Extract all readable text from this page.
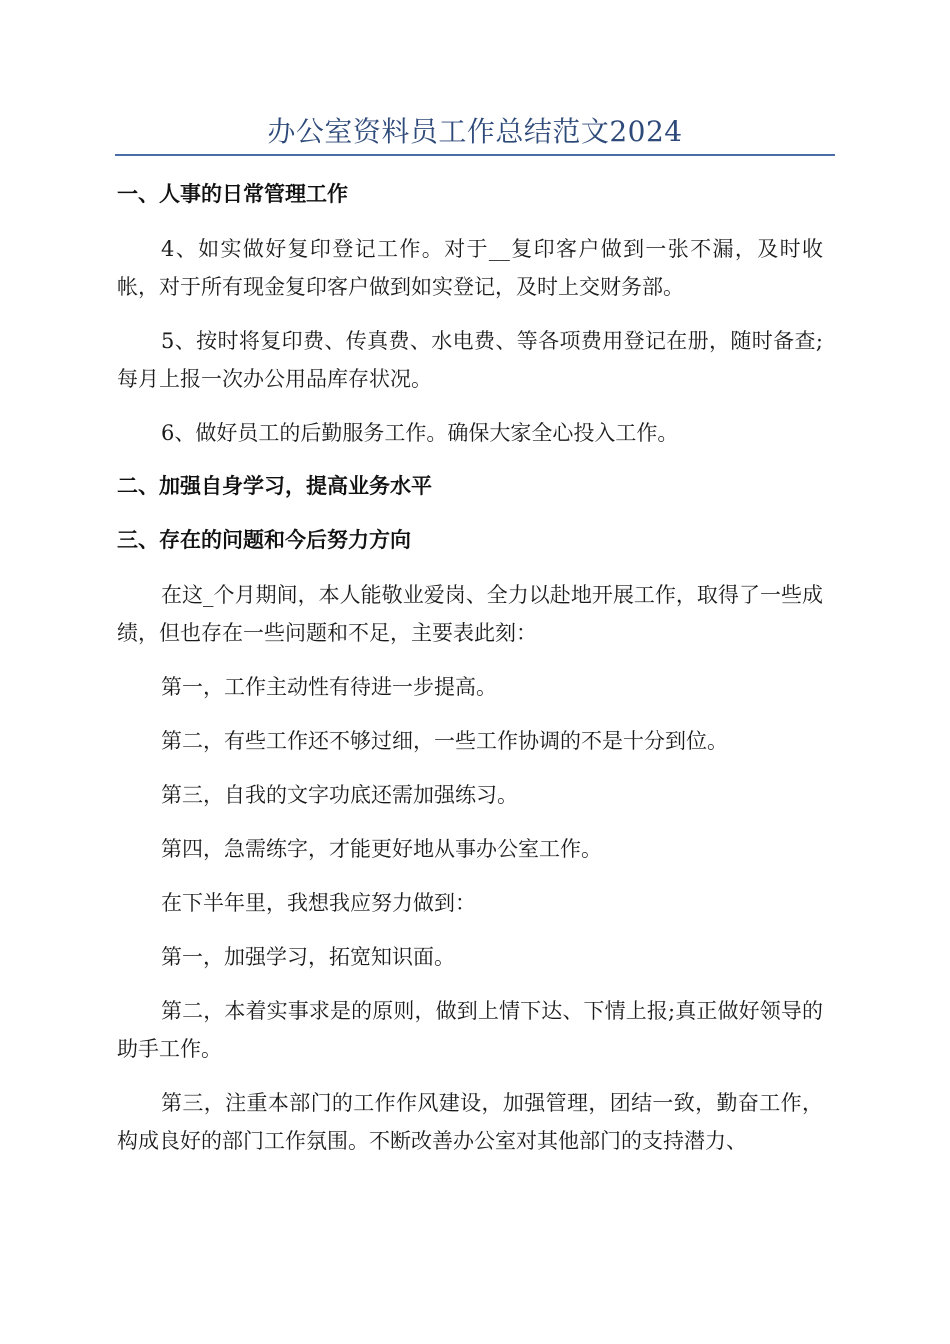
办公室资料员工作总结范文2024
一、人事的日常管理工作

4、如实做好复印登记工作。对于__复印客户做到一张不漏，及时收帐，对于所有现金复印客户做到如实登记，及时上交财务部。

5、按时将复印费、传真费、水电费、等各项费用登记在册，随时备查;每月上报一次办公用品库存状况。

6、做好员工的后勤服务工作。确保大家全心投入工作。

二、加强自身学习，提高业务水平
三、存在的问题和今后努力方向

在这_个月期间，本人能敬业爱岗、全力以赴地开展工作，取得了一些成绩，但也存在一些问题和不足，主要表此刻：

第一，工作主动性有待进一步提高。

第二，有些工作还不够过细，一些工作协调的不是十分到位。

第三，自我的文字功底还需加强练习。

第四，急需练字，才能更好地从事办公室工作。

在下半年里，我想我应努力做到：

第一，加强学习，拓宽知识面。

第二，本着实事求是的原则，做到上情下达、下情上报;真正做好领导的助手工作。

第三，注重本部门的工作作风建设，加强管理，团结一致，勤奋工作，构成良好的部门工作氛围。不断改善办公室对其他部门的支持潜力、
